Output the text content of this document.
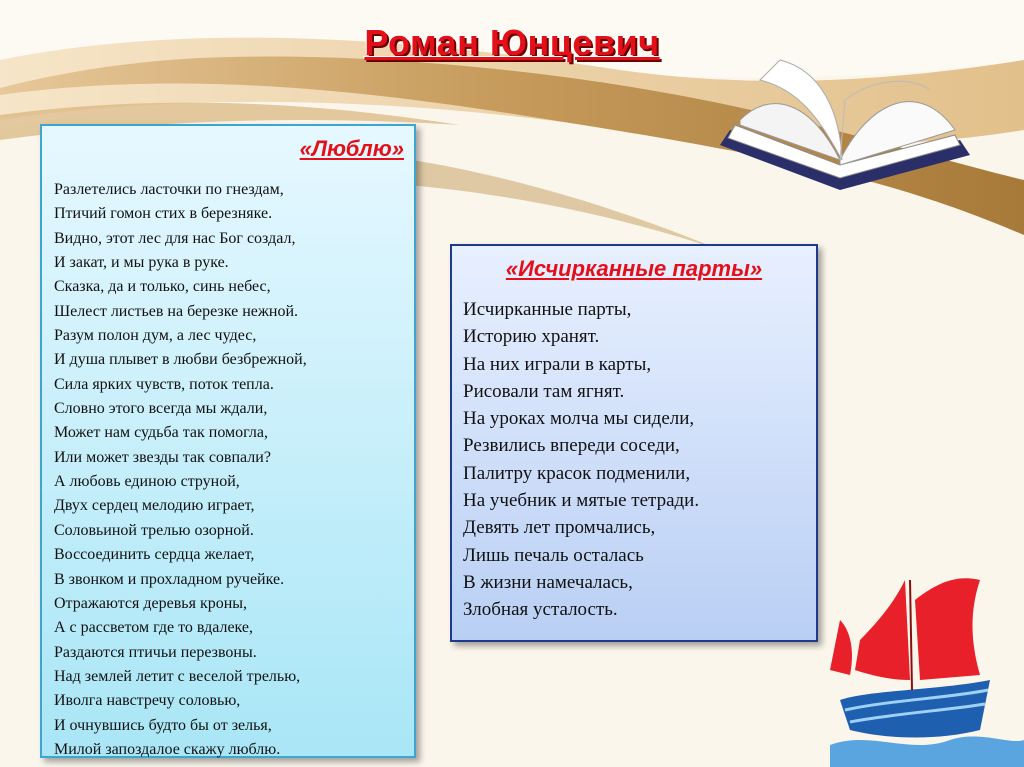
Роман Юнцевич
«Люблю»
Разлетелись ласточки по гнездам,
Птичий гомон стих в березняке.
Видно, этот лес для нас Бог создал,
И закат, и мы рука в руке.
Сказка, да и только, синь небес,
Шелест листьев на березке нежной.
Разум полон дум, а лес чудес,
И душа плывет в любви безбрежной,
Сила ярких чувств, поток тепла.
Словно этого всегда мы ждали,
Может нам судьба так помогла,
Или может звезды так совпали?
А любовь единою струной,
Двух сердец мелодию играет,
Соловьиной трелью озорной.
Воссоединить сердца желает,
В звонком и прохладном ручейке.
Отражаются деревья кроны,
А с рассветом где то вдалеке,
Раздаются птичьи перезвоны.
Над землей летит с веселой трелью,
Иволга навстречу соловью,
И очнувшись будто бы от зелья,
Милой запоздалое скажу люблю.
«Исчирканные парты»
Исчирканные парты,
Историю хранят.
На них играли в карты,
Рисовали там ягнят.
На уроках молча мы сидели,
Резвились впереди соседи,
Палитру красок подменили,
На учебник и мятые тетради.
Девять лет промчались,
Лишь печаль осталась
В жизни намечалась,
Злобная усталость.
